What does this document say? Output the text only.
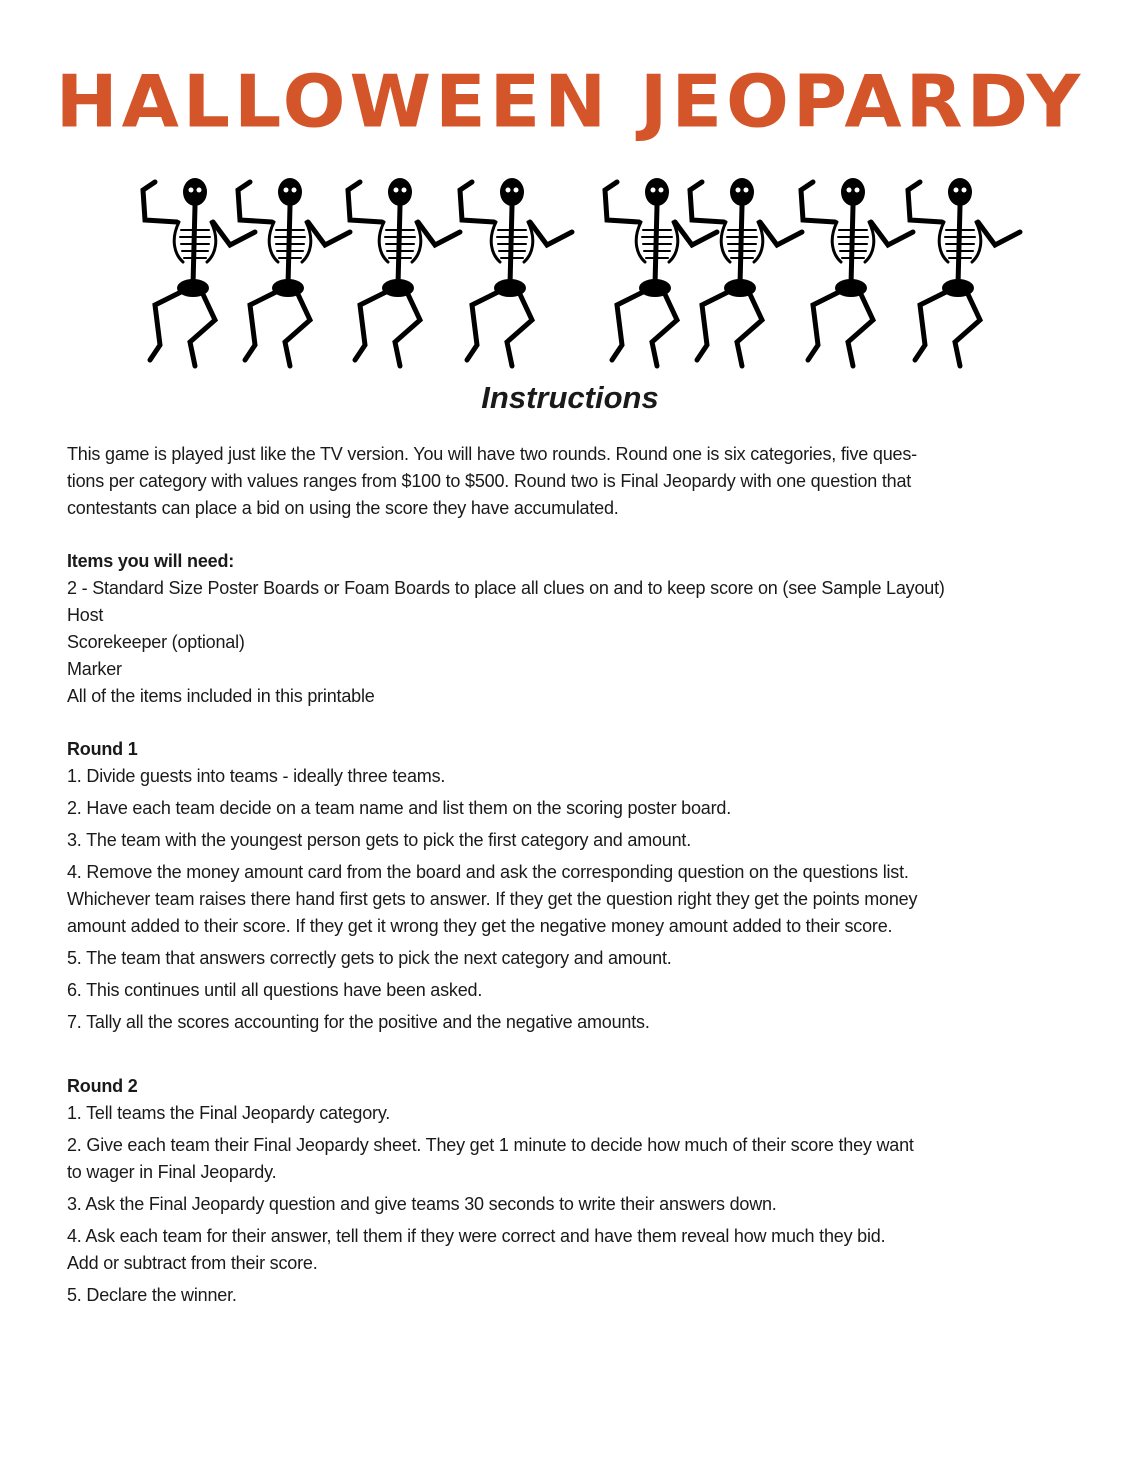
HALLOWEEN JEOPARDY
Instructions
This game is played just like the TV version. You will have two rounds. Round one is six categories, five ques-
tions per category with values ranges from $100 to $500. Round two is Final Jeopardy with one question that
contestants can place a bid on using the score they have accumulated.
Items you will need:
2 - Standard Size Poster Boards or Foam Boards to place all clues on and to keep score on (see Sample Layout)
Host
Scorekeeper (optional)
Marker
All of the items included in this printable
Round 1
1. Divide guests into teams - ideally three teams.
2. Have each team decide on a team name and list them on the scoring poster board.
3. The team with the youngest person gets to pick the first category and amount.
4. Remove the money amount card from the board and ask the corresponding question on the questions list.
Whichever team raises there hand first gets to answer. If they get the question right they get the points money
amount added to their score. If they get it wrong they get the negative money amount added to their score.
5. The team that answers correctly gets to pick the next category and amount.
6. This continues until all questions have been asked.
7. Tally all the scores accounting for the positive and the negative amounts.
Round 2
1. Tell teams the Final Jeopardy category.
2. Give each team their Final Jeopardy sheet. They get 1 minute to decide how much of their score they want
to wager in Final Jeopardy.
3. Ask the Final Jeopardy question and give teams 30 seconds to write their answers down.
4. Ask each team for their answer, tell them if they were correct and have them reveal how much they bid.
Add or subtract from their score.
5. Declare the winner.
